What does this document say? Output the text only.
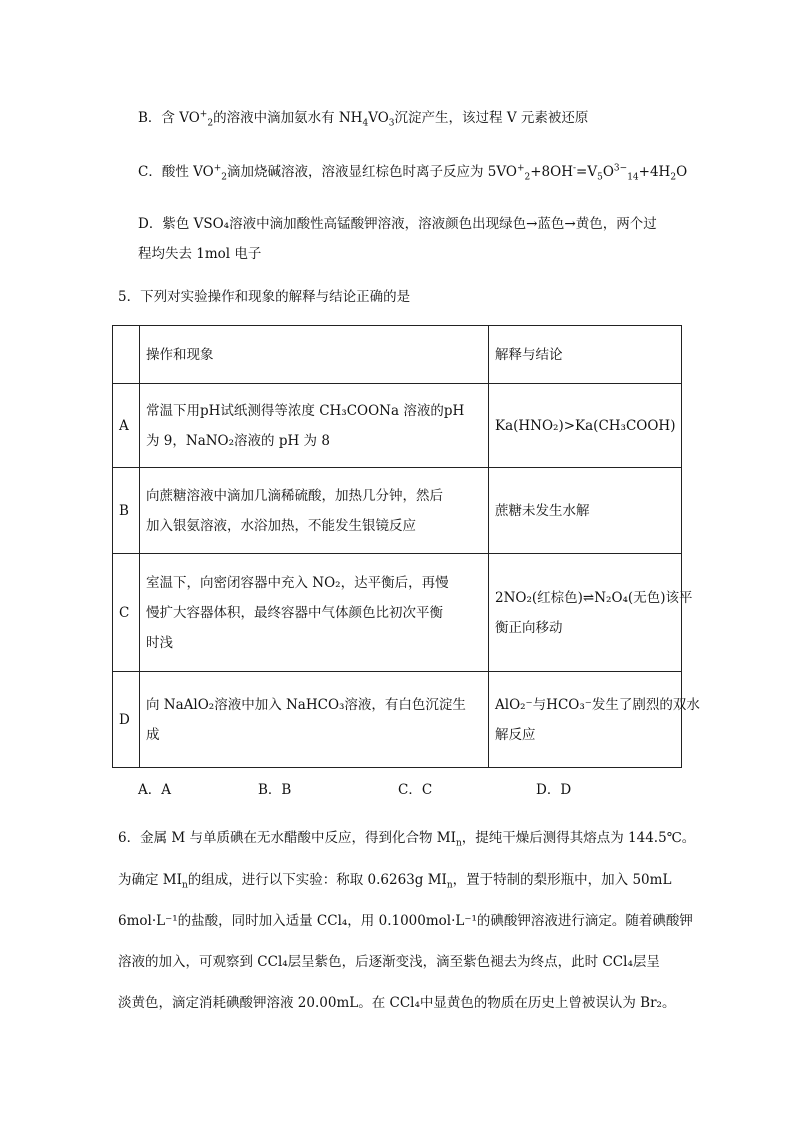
B．含 $VO^+_2$的溶液中滴加氨水有 $NH_4VO_3$沉淀产生，该过程 V 元素被还原
C．酸性 $VO^+_2$滴加烧碱溶液，溶液显红棕色时离子反应为 $5VO^+_2+8OH^-=V_5O^{3-}_{14}+4H_2O$
D．紫色 VSO₄溶液中滴加酸性高锰酸钾溶液，溶液颜色出现绿色→蓝色→黄色，两个过
程均失去 1mol 电子
5．下列对实验操作和现象的解释与结论正确的是
	操作和现象	解释与结论
A	常温下用pH试纸测得等浓度 CH₃COONa 溶液的pH
为 9，NaNO₂溶液的 pH 为 8	Ka(HNO₂)>Ka(CH₃COOH)

B	向蔗糖溶液中滴加几滴稀硫酸，加热几分钟，然后
加入银氨溶液，水浴加热，不能发生银镜反应	蔗糖未发生水解

C	室温下，向密闭容器中充入 NO₂，达平衡后，再慢
慢扩大容器体积，最终容器中气体颜色比初次平衡
时浅	2NO₂(红棕色)⇌N₂O₄(无色)该平
衡正向移动

D	向 NaAlO₂溶液中加入 NaHCO₃溶液，有白色沉淀生
成	AlO₂⁻与HCO₃⁻发生了剧烈的双水
解反应
A．A	B．B	C．C	D．D
6．金属 M 与单质碘在无水醋酸中反应，得到化合物 $MI_n$，提纯干燥后测得其熔点为 144.5℃。
为确定 $MI_n$的组成，进行以下实验：称取 0.6263g $MI_n$，置于特制的梨形瓶中，加入 50mL
6mol·L⁻¹的盐酸，同时加入适量 CCl₄，用 0.1000mol·L⁻¹的碘酸钾溶液进行滴定。随着碘酸钾
溶液的加入，可观察到 CCl₄层呈紫色，后逐渐变浅，滴至紫色褪去为终点，此时 CCl₄层呈
淡黄色，滴定消耗碘酸钾溶液 20.00mL。在 CCl₄中显黄色的物质在历史上曾被误认为 Br₂。
